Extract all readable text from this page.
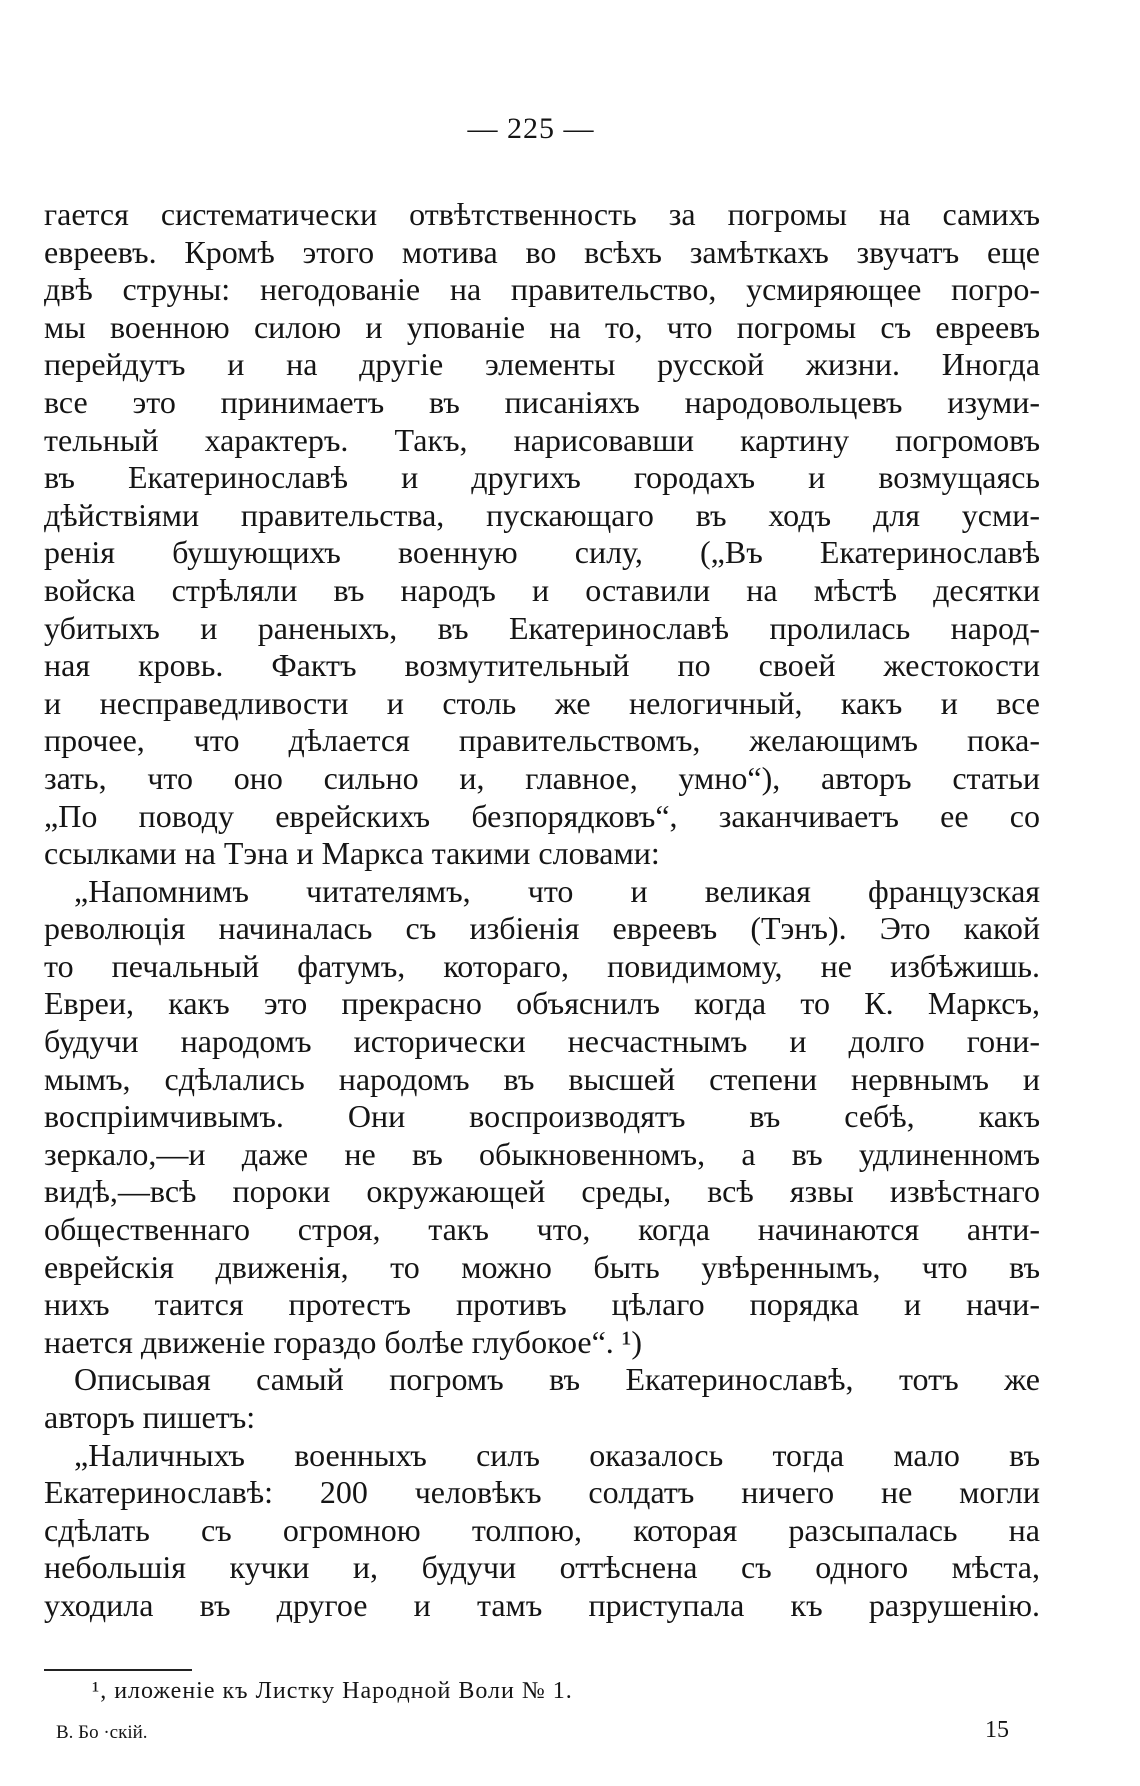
— 225 —
гается систематически отвѣтственность за погромы на самихъ
евреевъ. Кромѣ этого мотива во всѣхъ замѣткахъ звучатъ еще
двѣ струны: негодованіе на правительство, усмиряющее погро-
мы военною силою и упованіе на то, что погромы съ евреевъ
перейдутъ и на другіе элементы русской жизни. Иногда
все это принимаетъ въ писаніяхъ народовольцевъ изуми-
тельный характеръ. Такъ, нарисовавши картину погромовъ
въ Екатеринославѣ и другихъ городахъ и возмущаясь
дѣйствіями правительства, пускающаго въ ходъ для усми-
ренія бушующихъ военную силу, („Въ Екатеринославѣ
войска стрѣляли въ народъ и оставили на мѣстѣ десятки
убитыхъ и раненыхъ, въ Екатеринославѣ пролилась народ-
ная кровь. Фактъ возмутительный по своей жестокости
и несправедливости и столь же нелогичный, какъ и все
прочее, что дѣлается правительствомъ, желающимъ пока-
зать, что оно сильно и, главное, умно“), авторъ статьи
„По поводу еврейскихъ безпорядковъ“, заканчиваетъ ее со
ссылками на Тэна и Маркса такими словами:
„Напомнимъ читателямъ, что и великая французская
революція начиналась съ избіенія евреевъ (Тэнъ). Это какой
то печальный фатумъ, котораго, повидимому, не избѣжишь.
Евреи, какъ это прекрасно объяснилъ когда то К. Марксъ,
будучи народомъ исторически несчастнымъ и долго гони-
мымъ, сдѣлались народомъ въ высшей степени нервнымъ и
воспріимчивымъ. Они воспроизводятъ въ себѣ, какъ
зеркало,—и даже не въ обыкновенномъ, а въ удлиненномъ
видѣ,—всѣ пороки окружающей среды, всѣ язвы извѣстнаго
общественнаго строя, такъ что, когда начинаются анти-
еврейскія движенія, то можно быть увѣреннымъ, что въ
нихъ таится протестъ противъ цѣлаго порядка и начи-
нается движеніе гораздо болѣе глубокое“. ¹)
Описывая самый погромъ въ Екатеринославѣ, тотъ же
авторъ пишетъ:
„Наличныхъ военныхъ силъ оказалось тогда мало въ
Екатеринославѣ: 200 человѣкъ солдатъ ничего не могли
сдѣлать съ огромною толпою, которая разсыпалась на
небольшія кучки и, будучи оттѣснена съ одного мѣста,
уходила въ другое и тамъ приступала къ разрушенію.
¹, иложеніе къ Листку Народной Воли № 1.
В. Бо ·скій.	15
